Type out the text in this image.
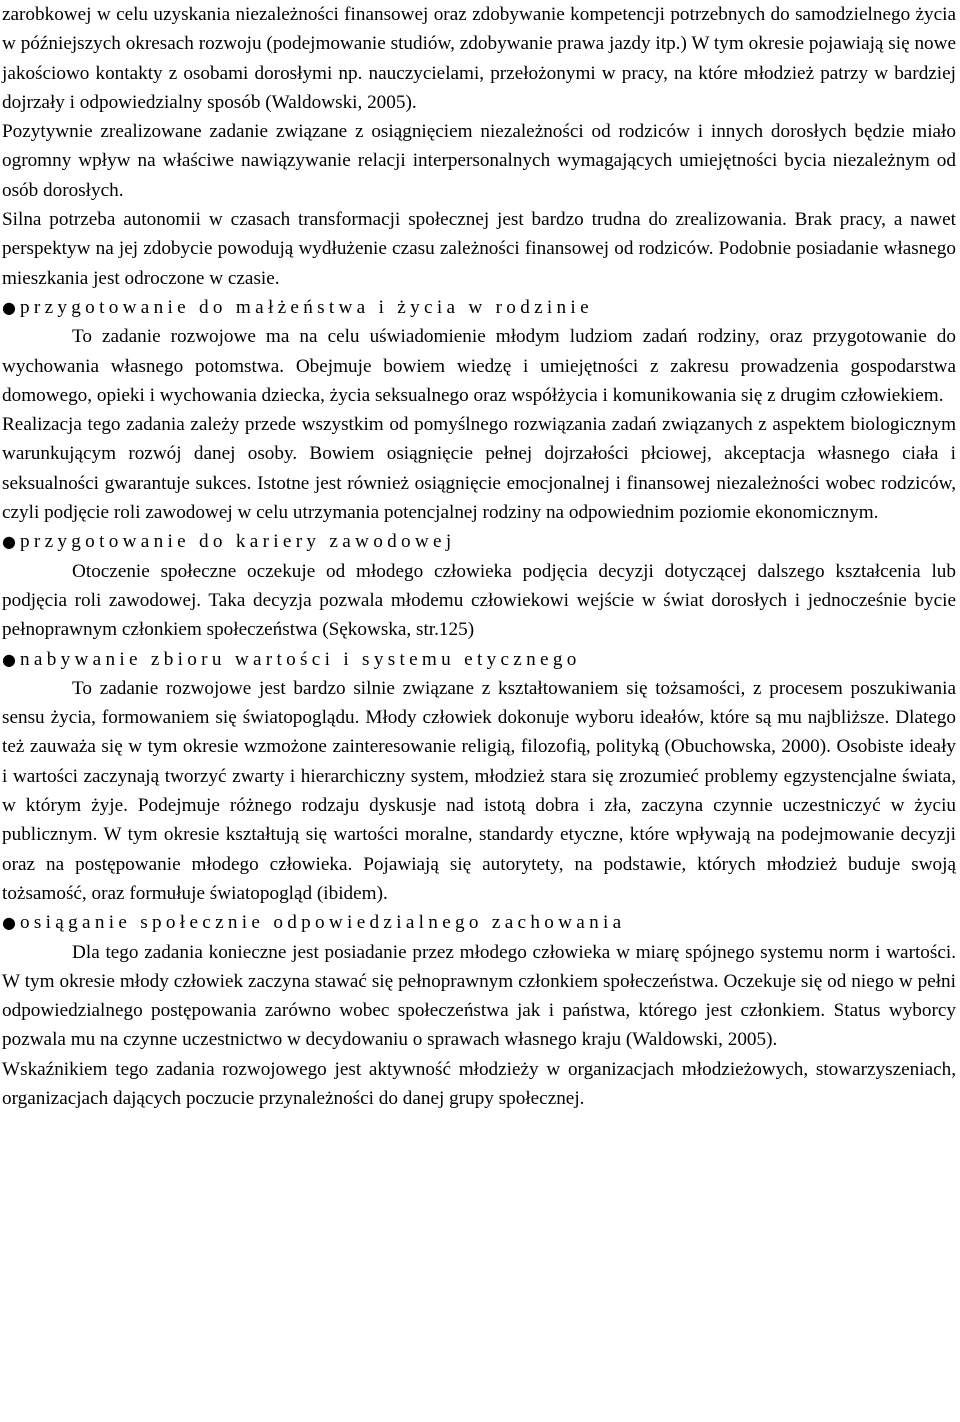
zarobkowej w celu uzyskania niezależności finansowej oraz zdobywanie kompetencji potrzebnych do samodzielnego życia w późniejszych okresach rozwoju (podejmowanie studiów, zdobywanie prawa jazdy itp.) W tym okresie pojawiają się nowe jakościowo kontakty z osobami dorosłymi np. nauczycielami, przełożonymi w pracy, na które młodzież patrzy w bardziej dojrzały i odpowiedzialny sposób (Waldowski, 2005).

Pozytywnie zrealizowane zadanie związane z osiągnięciem niezależności od rodziców i innych dorosłych będzie miało ogromny wpływ na właściwe nawiązywanie relacji interpersonalnych wymagających umiejętności bycia niezależnym od osób dorosłych.

Silna potrzeba autonomii w czasach transformacji społecznej jest bardzo trudna do zrealizowania. Brak pracy, a nawet perspektyw na jej zdobycie powodują wydłużenie czasu zależności finansowej od rodziców. Podobnie posiadanie własnego mieszkania jest odroczone w czasie.

● przygotowanie do małżeństwa i życia w rodzinie

To zadanie rozwojowe ma na celu uświadomienie młodym ludziom zadań rodziny, oraz przygotowanie do wychowania własnego potomstwa. Obejmuje bowiem wiedzę i umiejętności z zakresu prowadzenia gospodarstwa domowego, opieki i wychowania dziecka, życia seksualnego oraz współżycia i komunikowania się z drugim człowiekiem.

Realizacja tego zadania zależy przede wszystkim od pomyślnego rozwiązania zadań związanych z aspektem biologicznym warunkującym rozwój danej osoby. Bowiem osiągnięcie pełnej dojrzałości płciowej, akceptacja własnego ciała i seksualności gwarantuje sukces. Istotne jest również osiągnięcie emocjonalnej i finansowej niezależności wobec rodziców, czyli podjęcie roli zawodowej w celu utrzymania potencjalnej rodziny na odpowiednim poziomie ekonomicznym.

● przygotowanie do kariery zawodowej

Otoczenie społeczne oczekuje od młodego człowieka podjęcia decyzji dotyczącej dalszego kształcenia lub podjęcia roli zawodowej. Taka decyzja pozwala młodemu człowiekowi wejście w świat dorosłych i jednocześnie bycie pełnoprawnym członkiem społeczeństwa (Sękowska, str.125)

● nabywanie zbioru wartości i systemu etycznego

To zadanie rozwojowe jest bardzo silnie związane z kształtowaniem się tożsamości, z procesem poszukiwania sensu życia, formowaniem się światopoglądu. Młody człowiek dokonuje wyboru ideałów, które są mu najbliższe. Dlatego też zauważa się w tym okresie wzmożone zainteresowanie religią, filozofią, polityką (Obuchowska, 2000). Osobiste ideały i wartości zaczynają tworzyć zwarty i hierarchiczny system, młodzież stara się zrozumieć problemy egzystencjalne świata, w którym żyje. Podejmuje różnego rodzaju dyskusje nad istotą dobra i zła, zaczyna czynnie uczestniczyć w życiu publicznym. W tym okresie kształtują się wartości moralne, standardy etyczne, które wpływają na podejmowanie decyzji oraz na postępowanie młodego człowieka. Pojawiają się autorytety, na podstawie, których młodzież buduje swoją tożsamość, oraz formułuje światopogląd (ibidem).

● osiąganie społecznie odpowiedzialnego zachowania

Dla tego zadania konieczne jest posiadanie przez młodego człowieka w miarę spójnego systemu norm i wartości. W tym okresie młody człowiek zaczyna stawać się pełnoprawnym członkiem społeczeństwa. Oczekuje się od niego w pełni odpowiedzialnego postępowania zarówno wobec społeczeństwa jak i państwa, którego jest członkiem. Status wyborcy pozwala mu na czynne uczestnictwo w decydowaniu o sprawach własnego kraju (Waldowski, 2005).

Wskaźnikiem tego zadania rozwojowego jest aktywność młodzieży w organizacjach młodzieżowych, stowarzyszeniach, organizacjach dających poczucie przynależności do danej grupy społecznej.
